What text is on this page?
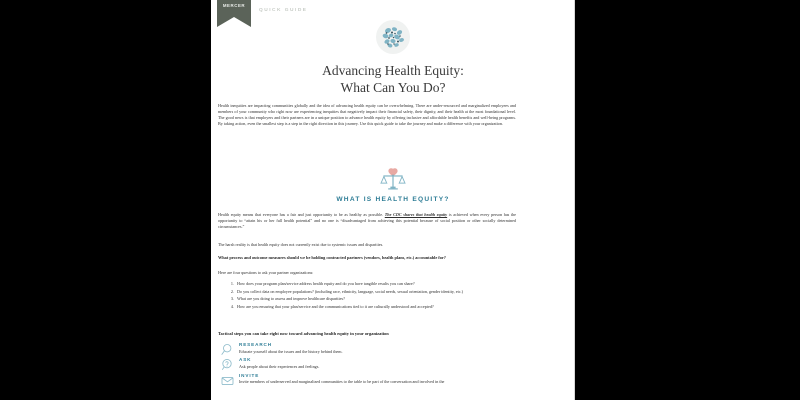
MERCER
QUICK GUIDE
Advancing Health Equity:
What Can You Do?
Health inequities are impacting communities globally and the idea of advancing health equity can be overwhelming. There are under-resourced and marginalized employees and members of your community who right now are experiencing inequities that negatively impact their financial safety, their dignity, and their health at the most foundational level. The good news is that employers and their partners are in a unique position to advance health equity by offering inclusive and affordable health benefits and well-being programs. By taking action, even the smallest step is a step in the right direction in this journey. Use this quick guide to take the journey and make a difference with your organization.
WHAT IS HEALTH EQUITY?
Health equity means that everyone has a fair and just opportunity to be as healthy as possible. The CDC shares that health equity is achieved when every person has the opportunity to “attain his or her full health potential” and no one is “disadvantaged from achieving this potential because of social position or other socially determined circumstances.”
The harsh reality is that health equity does not currently exist due to systemic issues and disparities.
What process and outcome measures should we be holding contracted partners (vendors, health plans, etc.) accountable for?
Here are four questions to ask your partner organizations:
1. How does your program plan/service address health equity and do you have tangible results you can share?
2. Do you collect data on employee populations? (including race, ethnicity, language, social needs, sexual orientation, gender identity, etc.)
3. What are you doing to assess and improve healthcare disparities?
4. How are you ensuring that your plan/service and the communications tied to it are culturally understood and accepted?
Tactical steps you can take right now toward advancing health equity in your organization
RESEARCH
Educate yourself about the issues and the history behind them.
ASK
Ask people about their experiences and feelings.
INVITE
Invite members of underserved and marginalized communities to the table to be part of the conversation and involved in the
